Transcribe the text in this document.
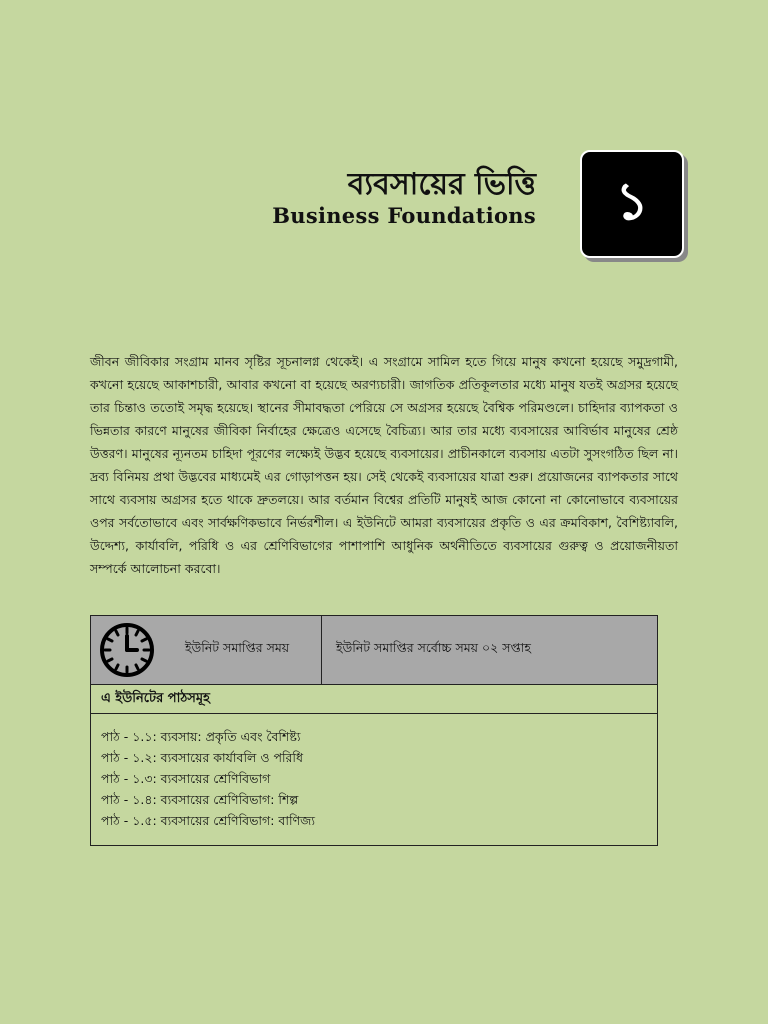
ব্যবসায়ের ভিত্তি
Business Foundations	১

জীবন জীবিকার সংগ্রাম মানব সৃষ্টির সূচনালগ্ন থেকেই। এ সংগ্রামে সামিল হতে গিয়ে মানুষ কখনো হয়েছে সমুদ্রগামী, কখনো হয়েছে আকাশচারী, আবার কখনো বা হয়েছে অরণ্যচারী। জাগতিক প্রতিকূলতার মধ্যে মানুষ যতই অগ্রসর হয়েছে তার চিন্তাও ততোই সমৃদ্ধ হয়েছে। স্থানের সীমাবদ্ধতা পেরিয়ে সে অগ্রসর হয়েছে বৈশ্বিক পরিমণ্ডলে। চাহিদার ব্যাপকতা ও ভিন্নতার কারণে মানুষের জীবিকা নির্বাহের ক্ষেত্রেও এসেছে বৈচিত্র্য। আর তার মধ্যে ব্যবসায়ের আবির্ভাব মানুষের শ্রেষ্ঠ উত্তরণ। মানুষের ন্যূনতম চাহিদা পূরণের লক্ষ্যেই উদ্ভব হয়েছে ব্যবসায়ের। প্রাচীনকালে ব্যবসায় এতটা সুসংগঠিত ছিল না। দ্রব্য বিনিময় প্রথা উদ্ভবের মাধ্যমেই এর গোড়াপত্তন হয়। সেই থেকেই ব্যবসায়ের যাত্রা শুরু। প্রয়োজনের ব্যাপকতার সাথে সাথে ব্যবসায় অগ্রসর হতে থাকে দ্রুতলয়ে। আর বর্তমান বিশ্বের প্রতিটি মানুষই আজ কোনো না কোনোভাবে ব্যবসায়ের ওপর সর্বতোভাবে এবং সার্বক্ষণিকভাবে নির্ভরশীল। এ ইউনিটে আমরা ব্যবসায়ের প্রকৃতি ও এর ক্রমবিকাশ, বৈশিষ্ট্যাবলি, উদ্দেশ্য, কার্যাবলি, পরিধি ও এর শ্রেণিবিভাগের পাশাপাশি আধুনিক অর্থনীতিতে ব্যবসায়ের গুরুত্ব ও প্রয়োজনীয়তা সম্পর্কে আলোচনা করবো।

ইউনিট সমাপ্তির সময়	ইউনিট সমাপ্তির সর্বোচ্চ সময় ০২ সপ্তাহ
এ ইউনিটের পাঠসমূহ
পাঠ - ১.১: ব্যবসায়: প্রকৃতি এবং বৈশিষ্ট্য
পাঠ - ১.২: ব্যবসায়ের কার্যাবলি ও পরিধি
পাঠ - ১.৩: ব্যবসায়ের শ্রেণিবিভাগ
পাঠ - ১.৪: ব্যবসায়ের শ্রেণিবিভাগ: শিল্প
পাঠ - ১.৫: ব্যবসায়ের শ্রেণিবিভাগ: বাণিজ্য
